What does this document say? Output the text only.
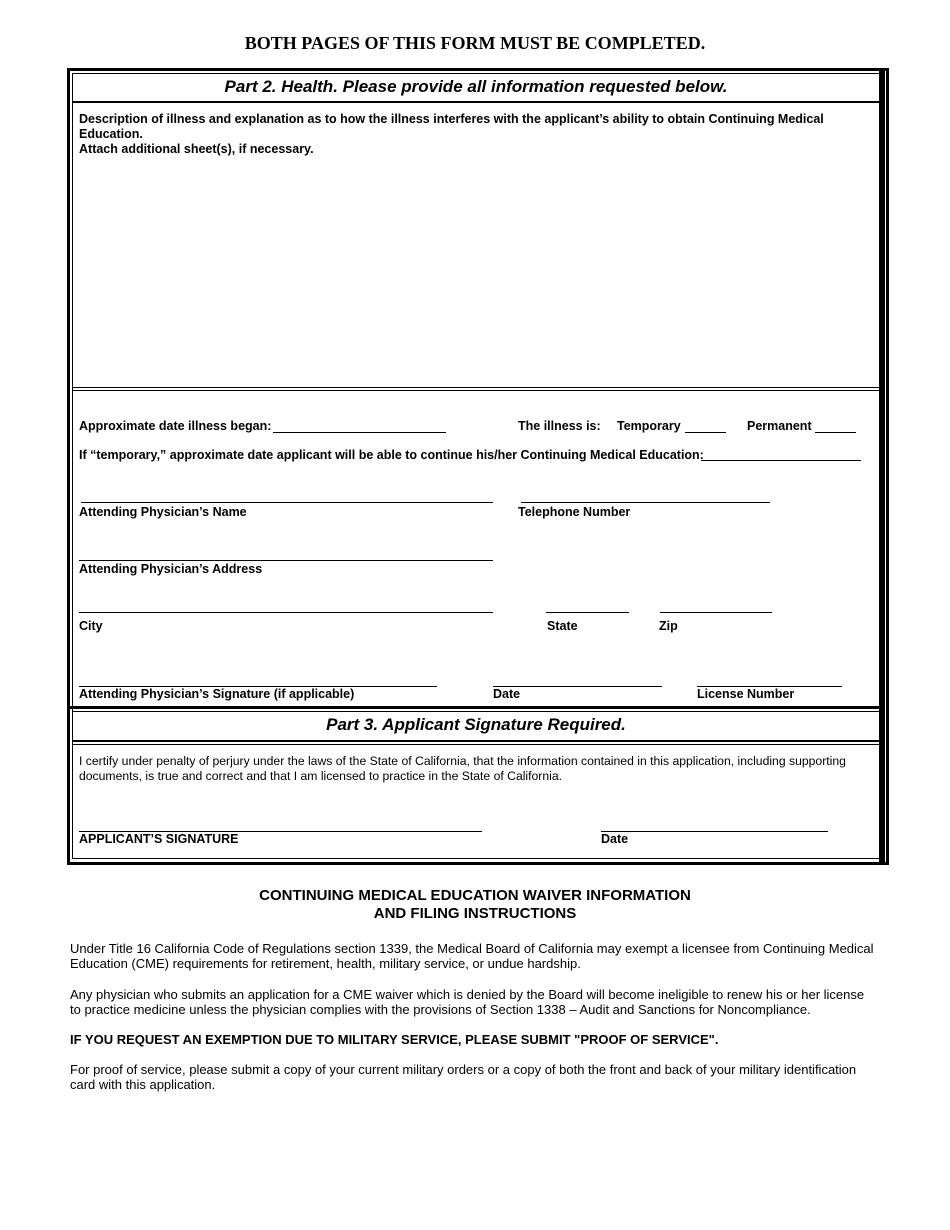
BOTH PAGES OF THIS FORM MUST BE COMPLETED.
Part 2. Health. Please provide all information requested below.
Description of illness and explanation as to how the illness interferes with the applicant’s ability to obtain Continuing Medical Education.
Attach additional sheet(s), if necessary.
Approximate date illness began:	The illness is: Temporary	Permanent
If “temporary,” approximate date applicant will be able to continue his/her Continuing Medical Education:
Attending Physician’s Name	Telephone Number
Attending Physician’s Address
City	State	Zip
Attending Physician’s Signature (if applicable)	Date	License Number
Part 3. Applicant Signature Required.
I certify under penalty of perjury under the laws of the State of California, that the information contained in this application, including supporting
documents, is true and correct and that I am licensed to practice in the State of California.
APPLICANT’S SIGNATURE	Date
CONTINUING MEDICAL EDUCATION WAIVER INFORMATION
AND FILING INSTRUCTIONS
Under Title 16 California Code of Regulations section 1339, the Medical Board of California may exempt a licensee from Continuing Medical
Education (CME) requirements for retirement, health, military service, or undue hardship.
Any physician who submits an application for a CME waiver which is denied by the Board will become ineligible to renew his or her license
to practice medicine unless the physician complies with the provisions of Section 1338 – Audit and Sanctions for Noncompliance.
IF YOU REQUEST AN EXEMPTION DUE TO MILITARY SERVICE, PLEASE SUBMIT "PROOF OF SERVICE".
For proof of service, please submit a copy of your current military orders or a copy of both the front and back of your military identification
card with this application.
